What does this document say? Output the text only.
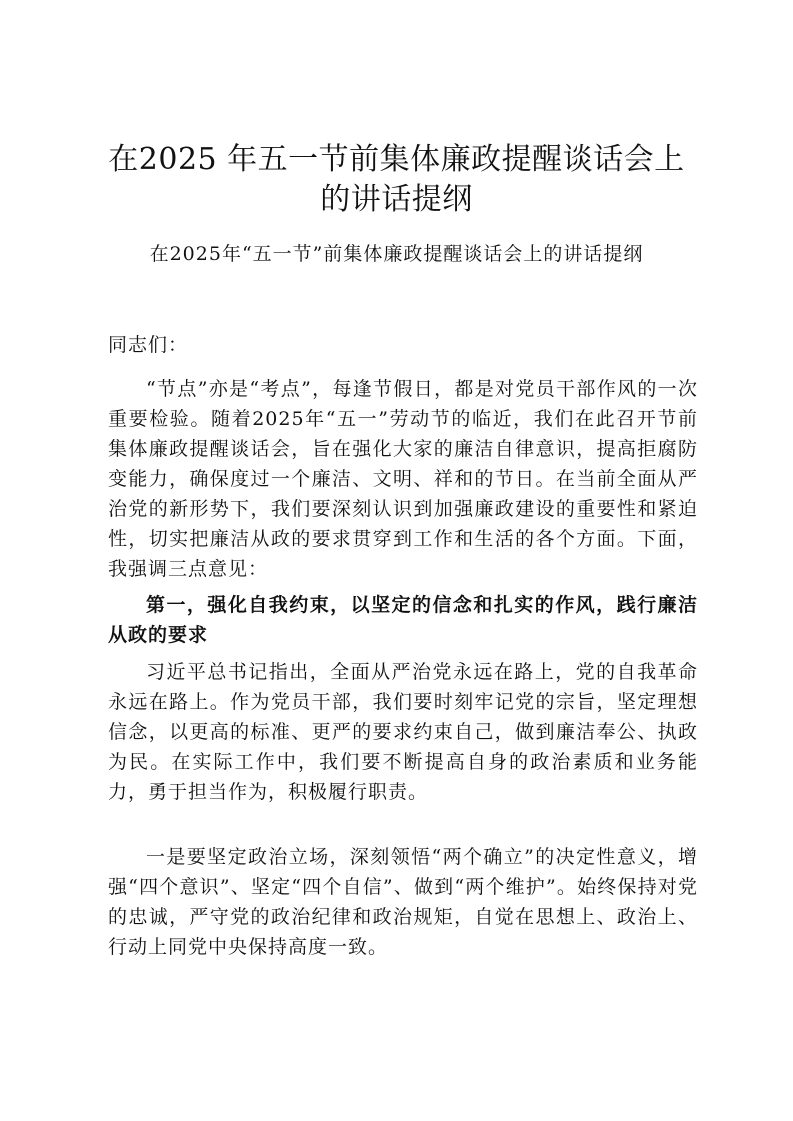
在2025 年五一节前集体廉政提醒谈话会上的讲话提纲

在2025年“五一节”前集体廉政提醒谈话会上的讲话提纲

同志们：

“节点”亦是“考点”，每逢节假日，都是对党员干部作风的一次重要检验。随着2025年“五一”劳动节的临近，我们在此召开节前集体廉政提醒谈话会，旨在强化大家的廉洁自律意识，提高拒腐防变能力，确保度过一个廉洁、文明、祥和的节日。在当前全面从严治党的新形势下，我们要深刻认识到加强廉政建设的重要性和紧迫性，切实把廉洁从政的要求贯穿到工作和生活的各个方面。下面，我强调三点意见：

第一，强化自我约束，以坚定的信念和扎实的作风，践行廉洁从政的要求

习近平总书记指出，全面从严治党永远在路上，党的自我革命永远在路上。作为党员干部，我们要时刻牢记党的宗旨，坚定理想信念，以更高的标准、更严的要求约束自己，做到廉洁奉公、执政为民。在实际工作中，我们要不断提高自身的政治素质和业务能力，勇于担当作为，积极履行职责。

一是要坚定政治立场，深刻领悟“两个确立”的决定性意义，增强“四个意识”、坚定“四个自信”、做到“两个维护”。始终保持对党的忠诚，严守党的政治纪律和政治规矩，自觉在思想上、政治上、行动上同党中央保持高度一致。
